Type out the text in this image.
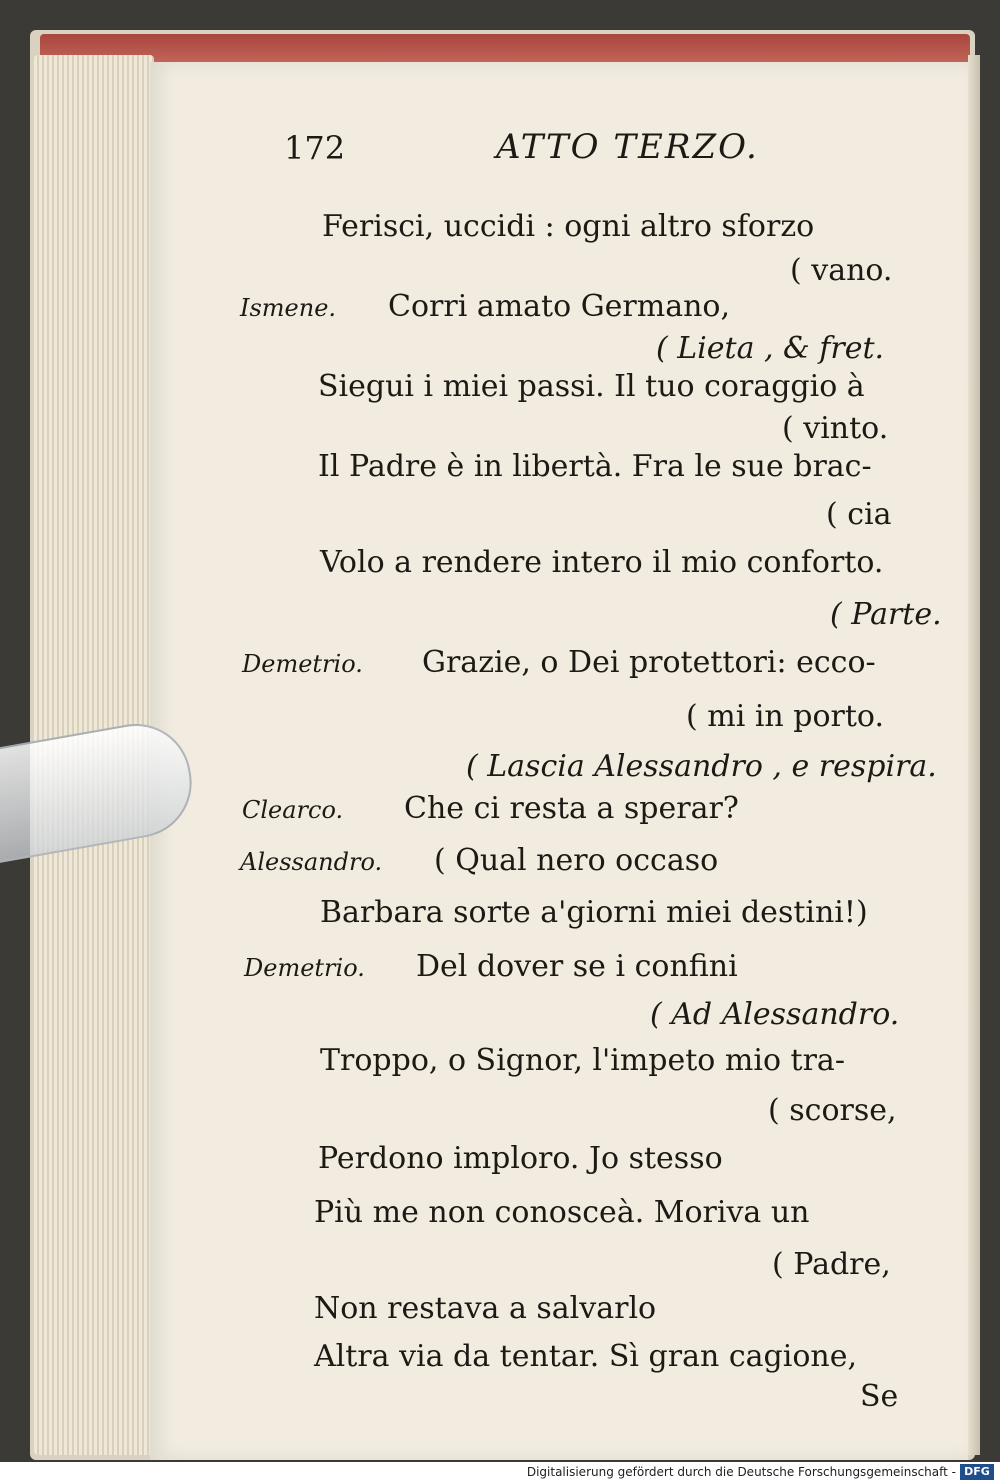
172	ATTO TERZO.
Ferisci, uccidi : ogni altro sforzo
( vano.
Ismene. Corri amato Germano,
( Lieta , & fret.
Siegui i miei passi. Il tuo coraggio à
( vinto.
Il Padre è in libertà. Fra le sue brac-
( cia
Volo a rendere intero il mio conforto.
( Parte.
Demetrio. Grazie, o Dei protettori: ecco-
( mi in porto.
( Lascia Alessandro , e respira.
Clearco. Che ci resta a sperar?
Alessandro. ( Qual nero occaso
Barbara sorte a'giorni miei destini!)
Demetrio. Del dover se i confini
( Ad Alessandro.
Troppo, o Signor, l'impeto mio tra-
( scorse,
Perdono imploro. Jo stesso
Più me non conosceà. Moriva un
( Padre,
Non restava a salvarlo
Altra via da tentar. Sì gran cagione,
Se
Digitalisierung gefördert durch die Deutsche Forschungsgemeinschaft - DFG
